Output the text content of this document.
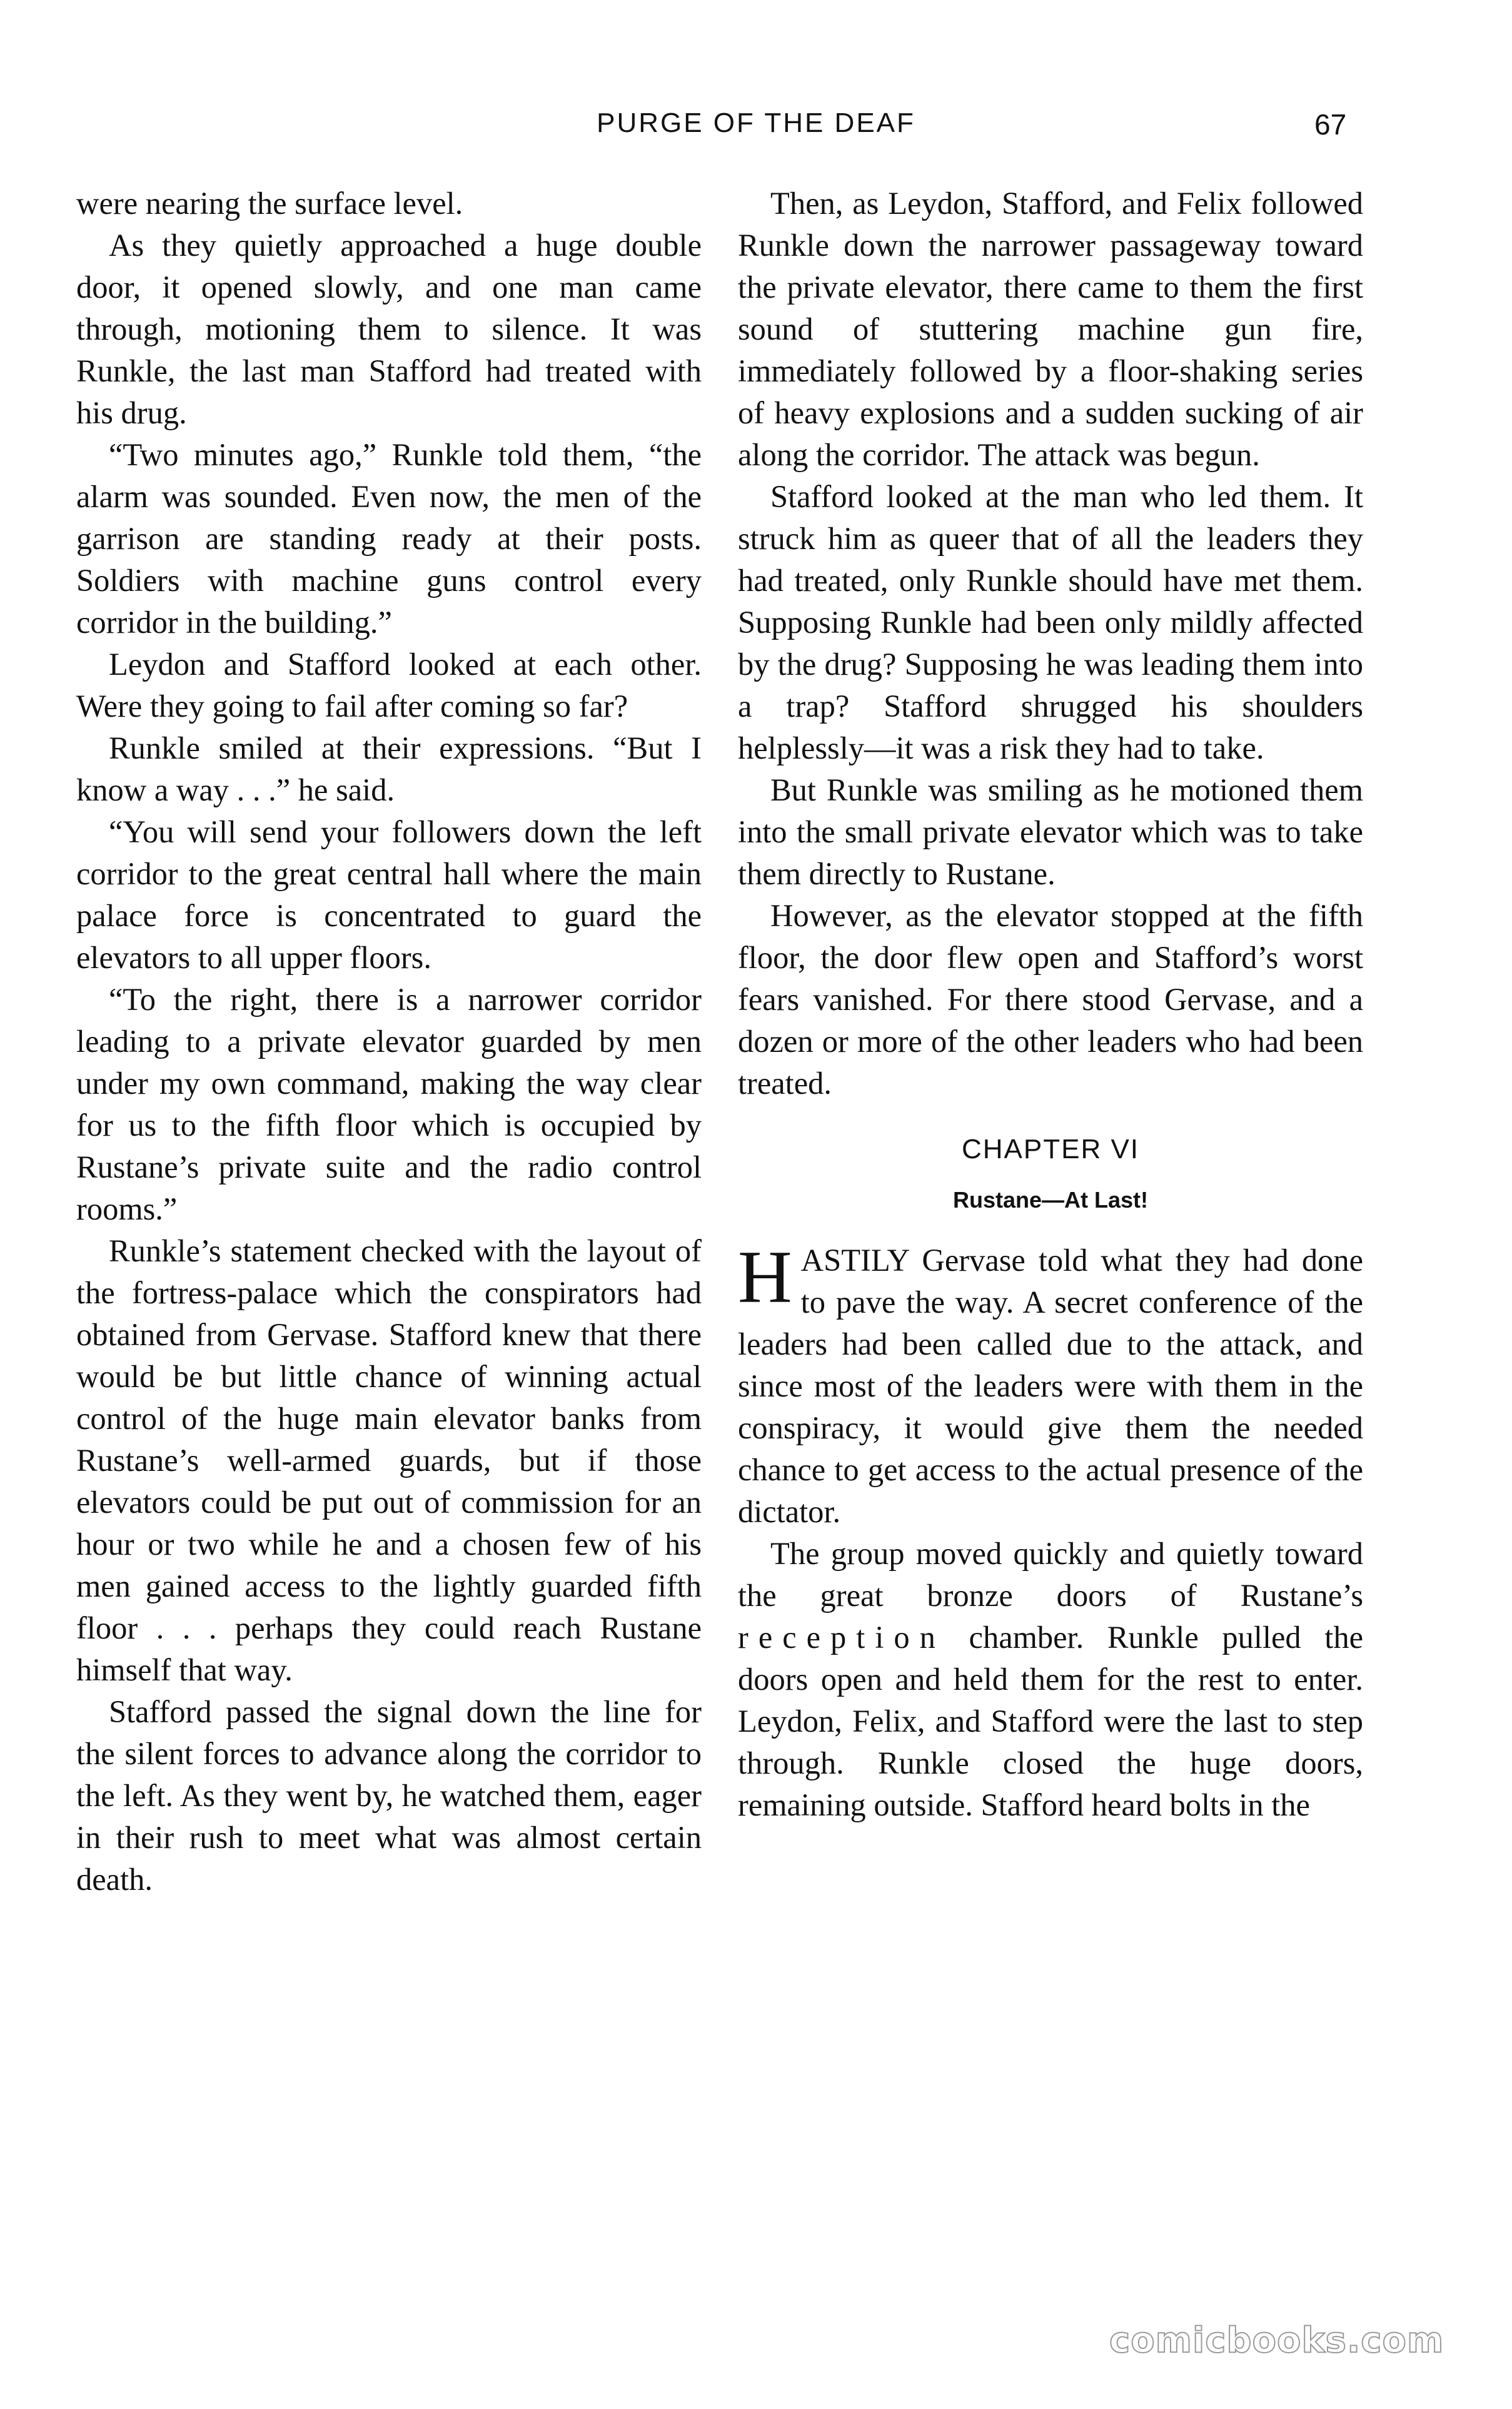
PURGE OF THE DEAF	67

were nearing the surface level.

As they quietly approached a huge double door, it opened slowly, and one man came through, motioning them to silence. It was Runkle, the last man Stafford had treated with his drug.

“Two minutes ago,” Runkle told them, “the alarm was sounded. Even now, the men of the garrison are standing ready at their posts. Soldiers with machine guns control every corridor in the building.”

Leydon and Stafford looked at each other. Were they going to fail after coming so far?

Runkle smiled at their expressions. “But I know a way . . .” he said.

“You will send your followers down the left corridor to the great central hall where the main palace force is concentrated to guard the elevators to all upper floors.

“To the right, there is a narrower corridor leading to a private elevator guarded by men under my own command, making the way clear for us to the fifth floor which is occupied by Rustane’s private suite and the radio control rooms.”

Runkle’s statement checked with the layout of the fortress-palace which the conspirators had obtained from Gervase. Stafford knew that there would be but little chance of winning actual control of the huge main elevator banks from Rustane’s well-armed guards, but if those elevators could be put out of commission for an hour or two while he and a chosen few of his men gained access to the lightly guarded fifth floor . . . perhaps they could reach Rustane himself that way.

Stafford passed the signal down the line for the silent forces to advance along the corridor to the left. As they went by, he watched them, eager in their rush to meet what was almost certain death.

Then, as Leydon, Stafford, and Felix followed Runkle down the narrower passageway toward the private elevator, there came to them the first sound of stuttering machine gun fire, immediately followed by a floor-shaking series of heavy explosions and a sudden sucking of air along the corridor. The attack was begun.

Stafford looked at the man who led them. It struck him as queer that of all the leaders they had treated, only Runkle should have met them. Supposing Runkle had been only mildly affected by the drug? Supposing he was leading them into a trap? Stafford shrugged his shoulders helplessly—it was a risk they had to take.

But Runkle was smiling as he motioned them into the small private elevator which was to take them directly to Rustane.

However, as the elevator stopped at the fifth floor, the door flew open and Stafford’s worst fears vanished. For there stood Gervase, and a dozen or more of the other leaders who had been treated.

CHAPTER VI
Rustane—At Last!

HASTILY Gervase told what they had done to pave the way. A secret conference of the leaders had been called due to the attack, and since most of the leaders were with them in the conspiracy, it would give them the needed chance to get access to the actual presence of the dictator.

The group moved quickly and quietly toward the great bronze doors of Rustane’s reception chamber. Runkle pulled the doors open and held them for the rest to enter. Leydon, Felix, and Stafford were the last to step through. Runkle closed the huge doors, remaining outside. Stafford heard bolts in the

comicbooks.com
